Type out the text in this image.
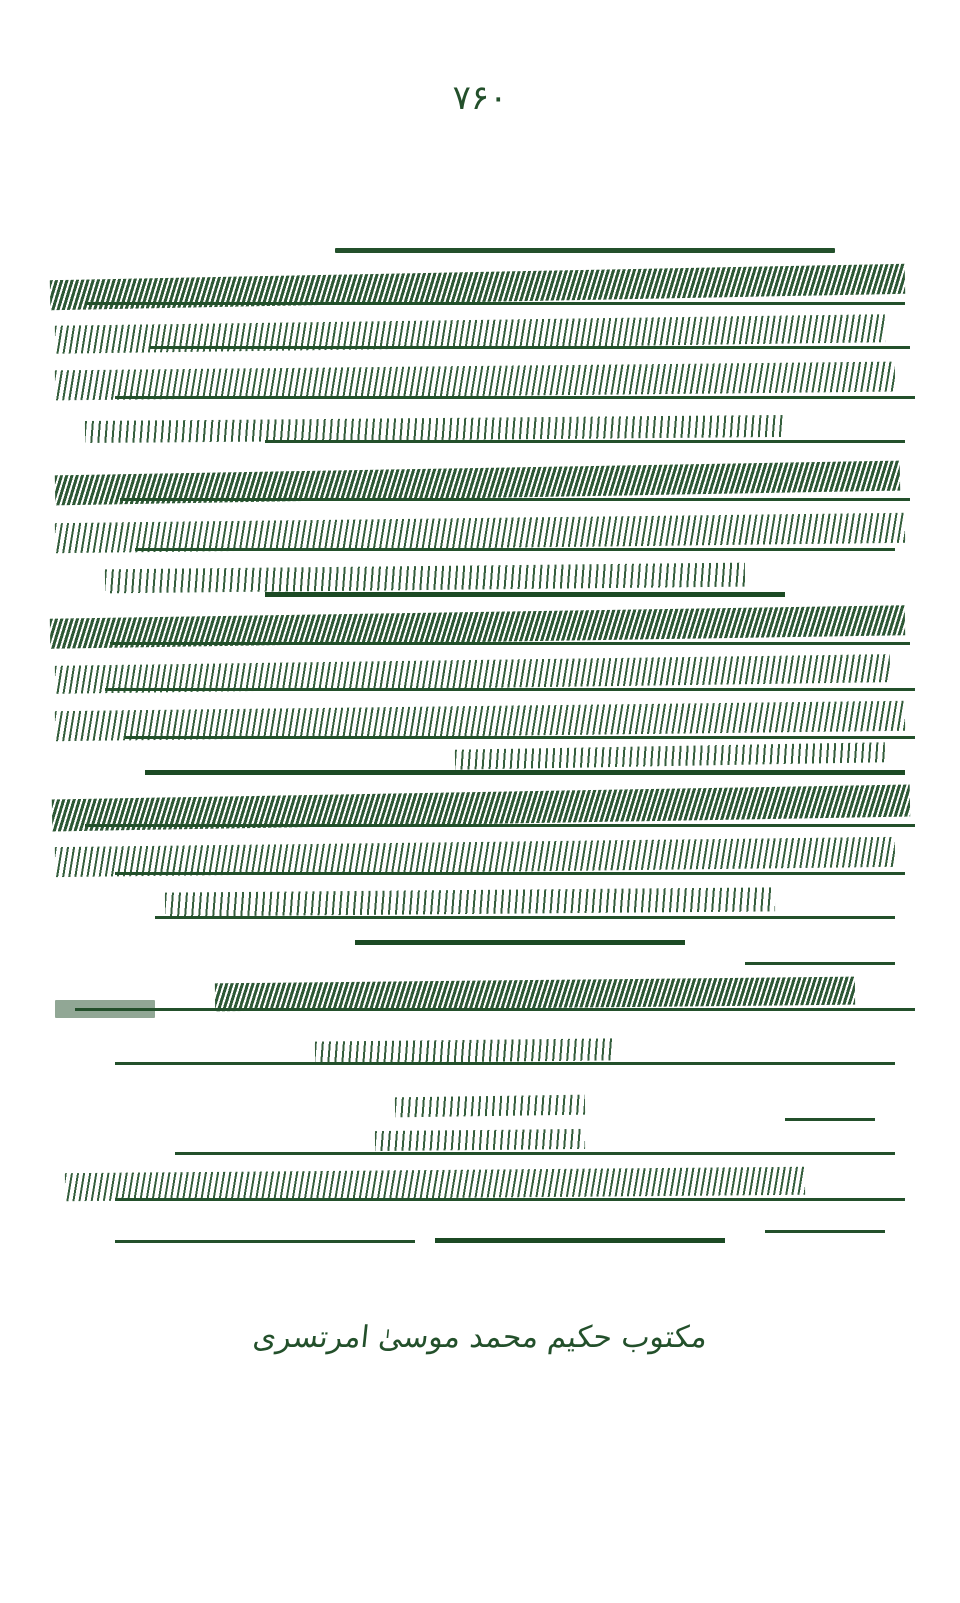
۷۶۰
مکتوب حکیم محمد موسیٰ امرتسری
